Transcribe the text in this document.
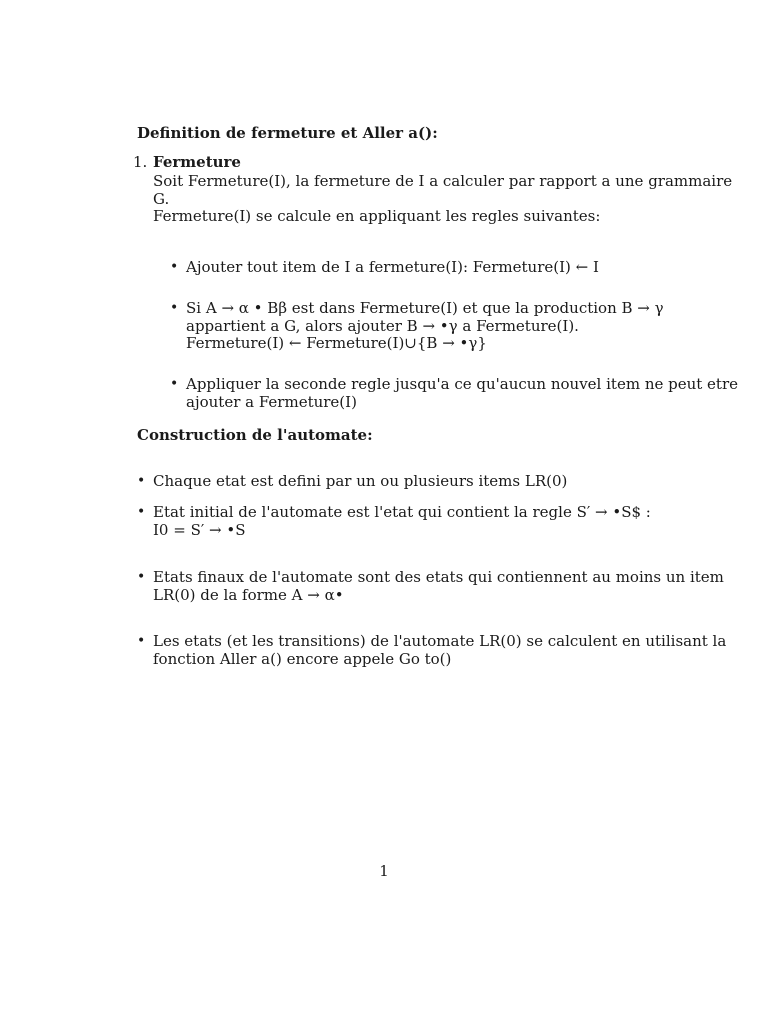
Definition de fermeture et Aller a():
1. Fermeture
Soit Fermeture(I), la fermeture de I a calculer par rapport a une grammaire
G.
Fermeture(I) se calcule en appliquant les regles suivantes:
• Ajouter tout item de I a fermeture(I): Fermeture(I) ← I
• Si A → α • Bβ est dans Fermeture(I) et que la production B → γ
appartient a G, alors ajouter B → •γ a Fermeture(I).
Fermeture(I) ← Fermeture(I)∪{B → •γ}
• Appliquer la seconde regle jusqu'a ce qu'aucun nouvel item ne peut etre
ajouter a Fermeture(I)
Construction de l'automate:
• Chaque etat est defini par un ou plusieurs items LR(0)
• Etat initial de l'automate est l'etat qui contient la regle S′ → •S$ :
I0 = S′ → •S
• Etats finaux de l'automate sont des etats qui contiennent au moins un item
LR(0) de la forme A → α•
• Les etats (et les transitions) de l'automate LR(0) se calculent en utilisant la
fonction Aller a() encore appele Go to()
1
